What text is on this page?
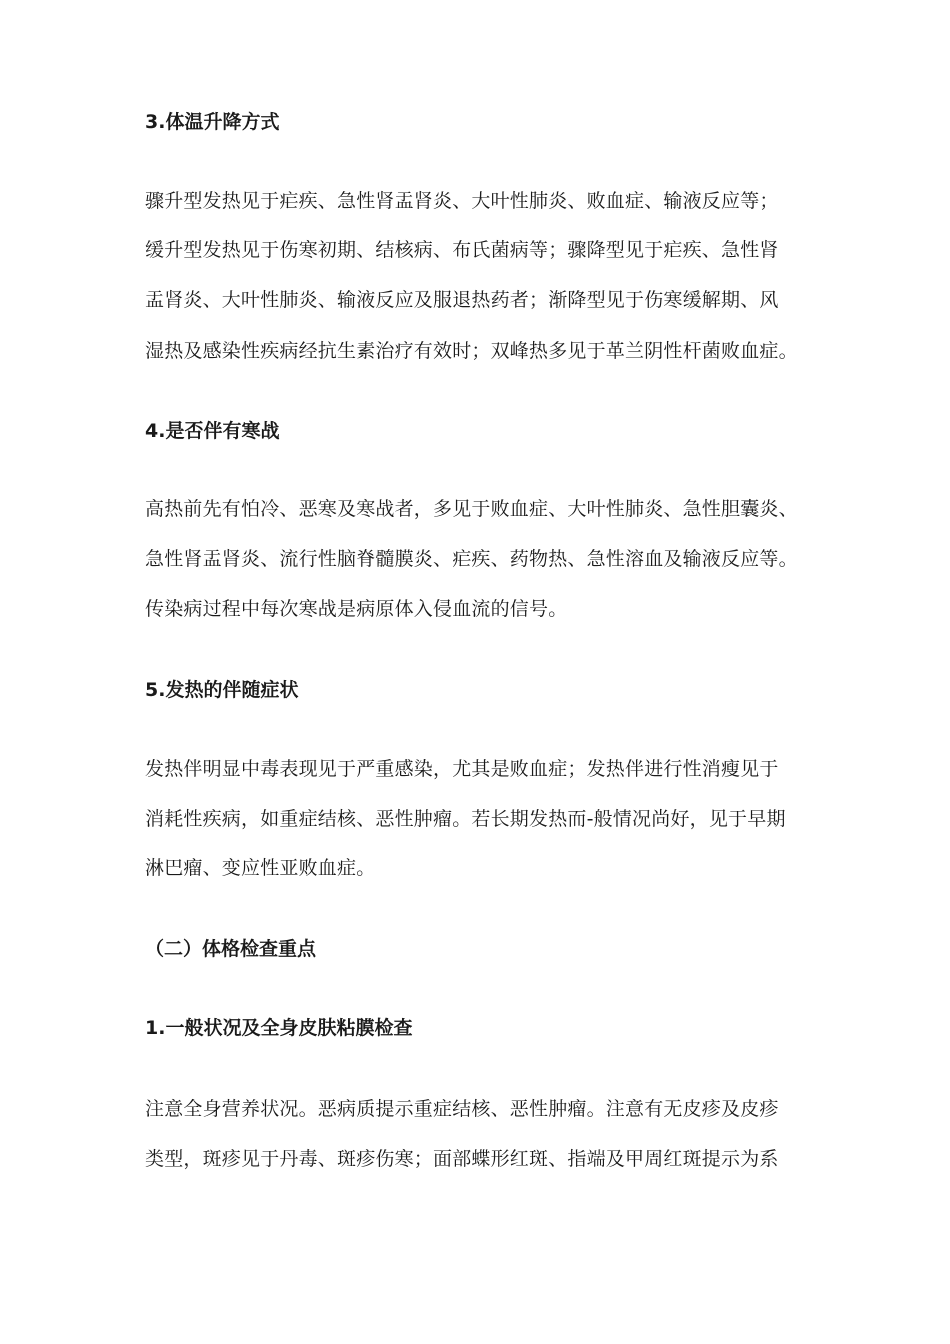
3.体温升降方式
骤升型发热见于疟疾、急性肾盂肾炎、大叶性肺炎、败血症、输液反应等；
缓升型发热见于伤寒初期、结核病、布氏菌病等；骤降型见于疟疾、急性肾
盂肾炎、大叶性肺炎、输液反应及服退热药者；渐降型见于伤寒缓解期、风
湿热及感染性疾病经抗生素治疗有效时；双峰热多见于革兰阴性杆菌败血症。
4.是否伴有寒战
高热前先有怕冷、恶寒及寒战者，多见于败血症、大叶性肺炎、急性胆囊炎、
急性肾盂肾炎、流行性脑脊髓膜炎、疟疾、药物热、急性溶血及输液反应等。
传染病过程中每次寒战是病原体入侵血流的信号。
5.发热的伴随症状
发热伴明显中毒表现见于严重感染，尤其是败血症；发热伴进行性消瘦见于
消耗性疾病，如重症结核、恶性肿瘤。若长期发热而-般情况尚好，见于早期
淋巴瘤、变应性亚败血症。
（二）体格检查重点
1.一般状况及全身皮肤粘膜检查
注意全身营养状况。恶病质提示重症结核、恶性肿瘤。注意有无皮疹及皮疹
类型，斑疹见于丹毒、斑疹伤寒；面部蝶形红斑、指端及甲周红斑提示为系
